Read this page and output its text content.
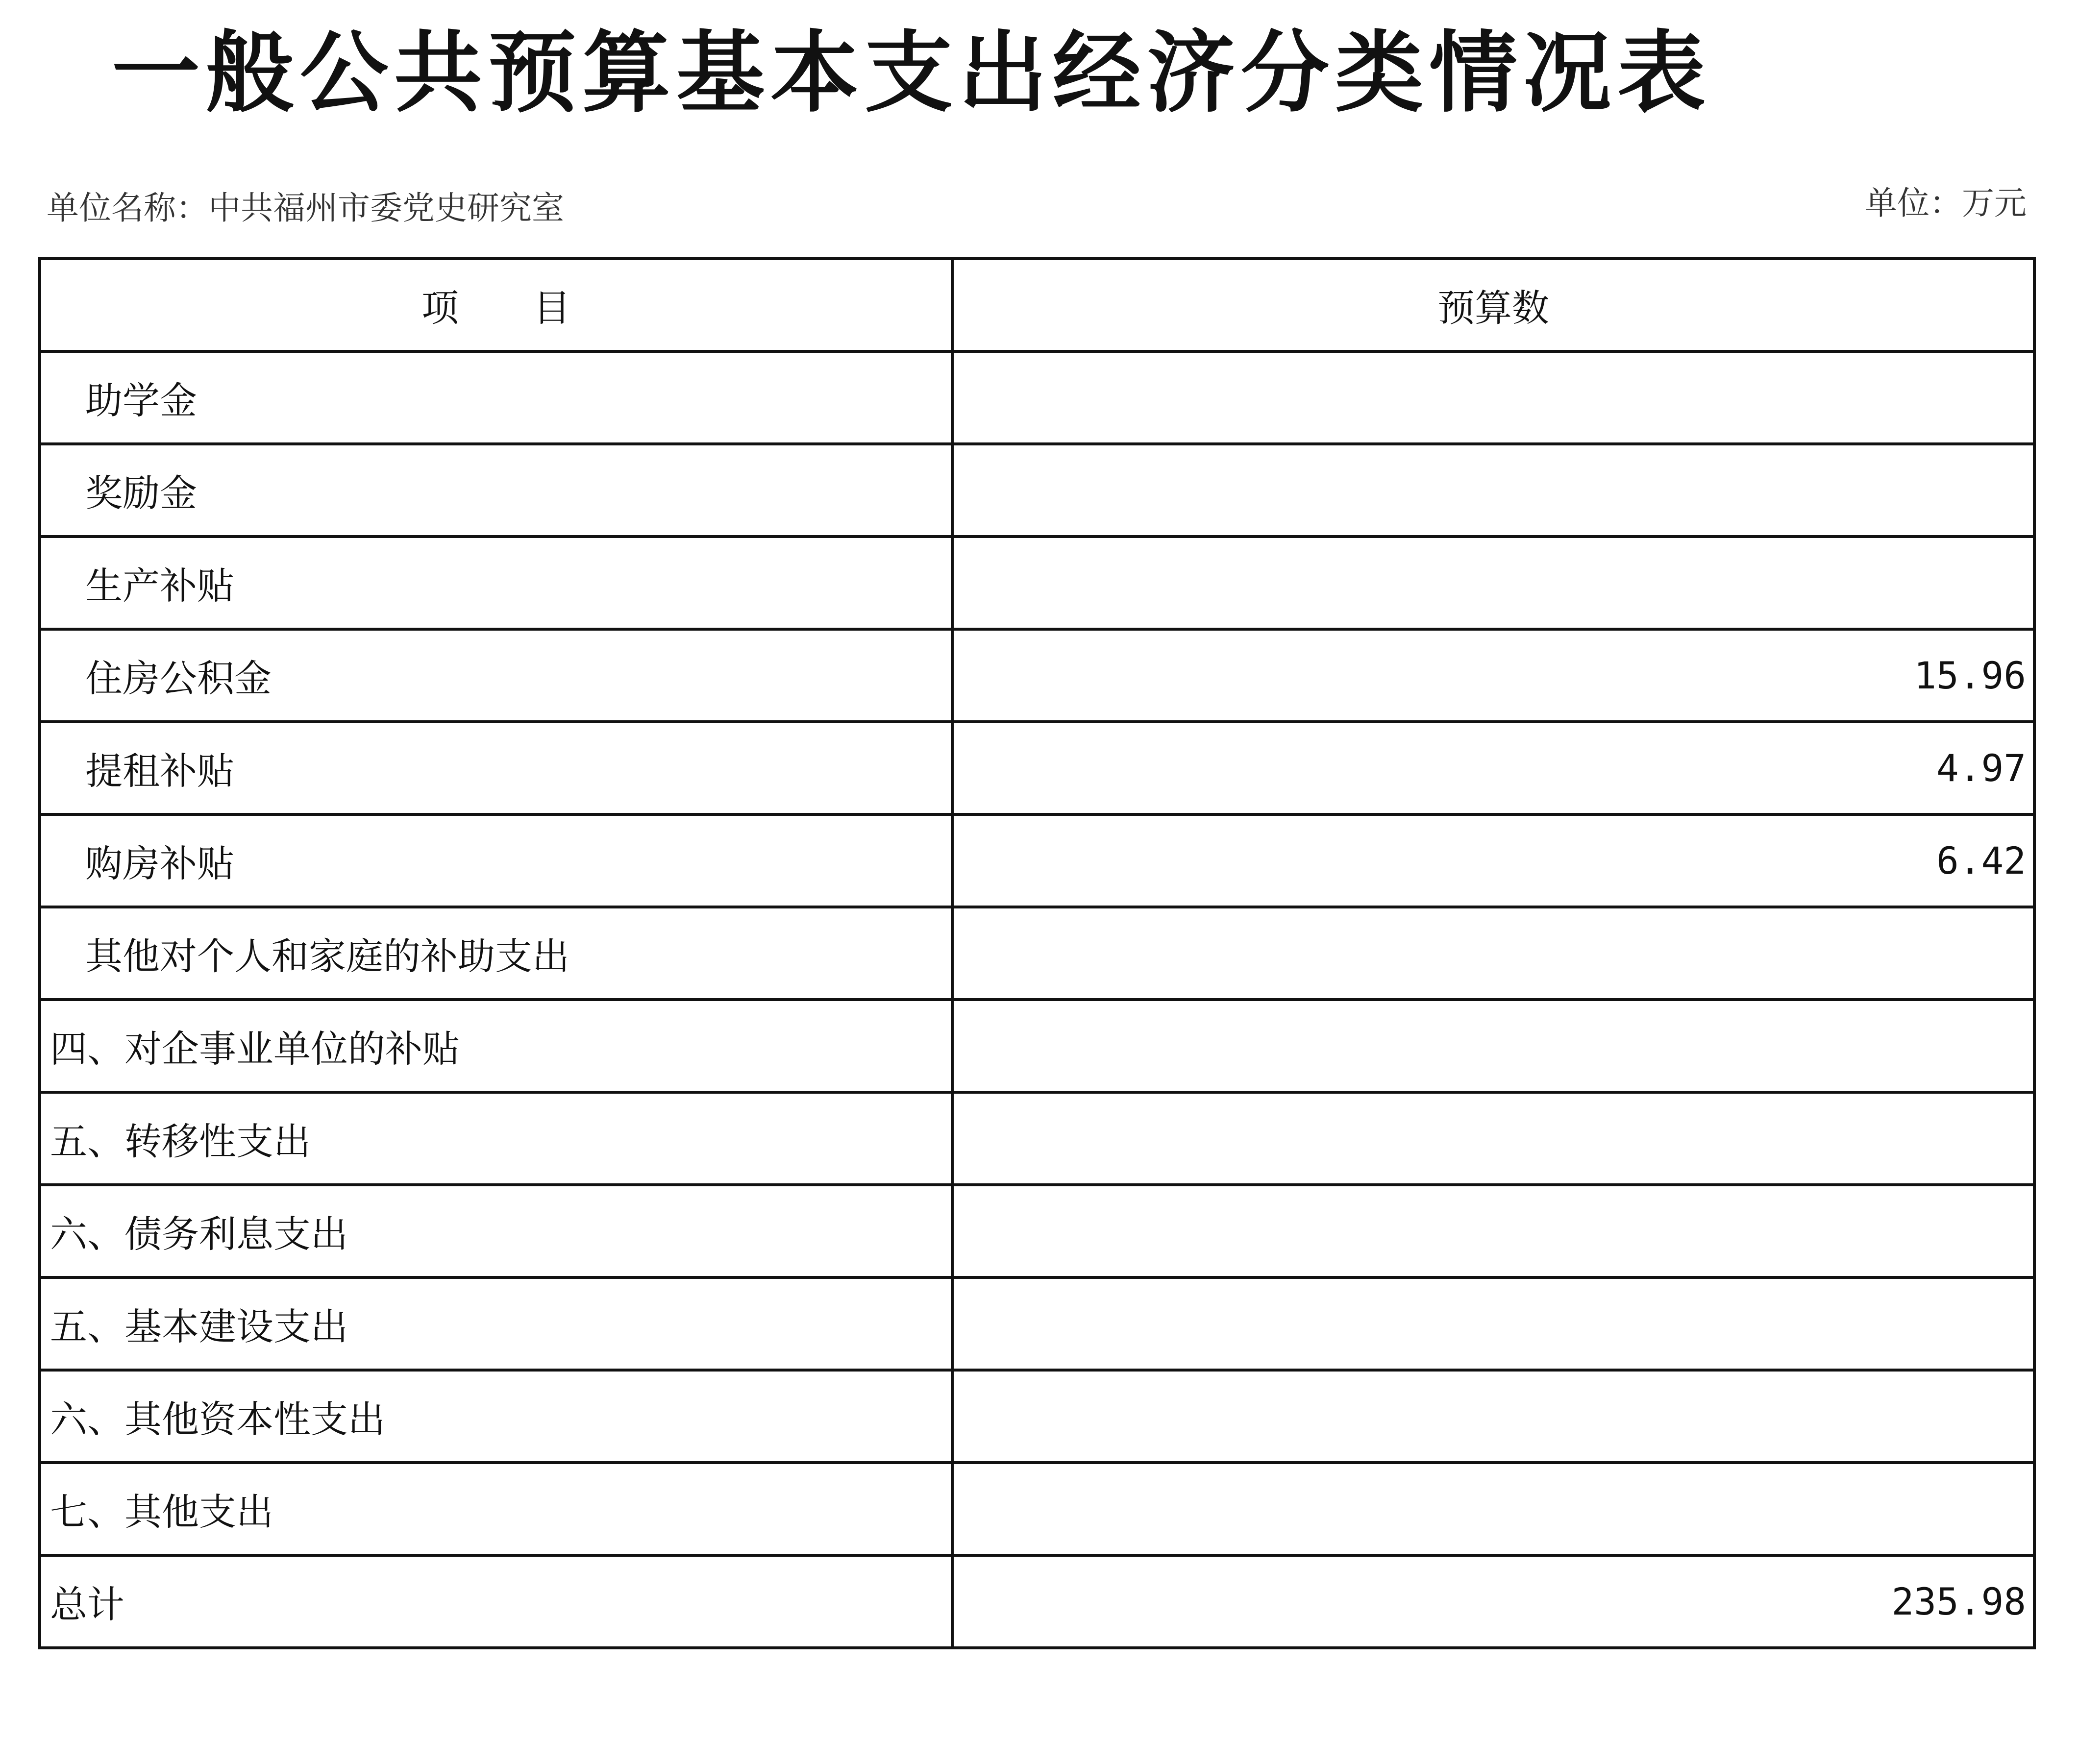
一般公共预算基本支出经济分类情况表
单位名称：中共福州市委党史研究室	单位：万元
项　　目	预算数
助学金	
奖励金	
生产补贴	
住房公积金	15.96
提租补贴	4.97
购房补贴	6.42
其他对个人和家庭的补助支出	
四、对企事业单位的补贴	
五、转移性支出	
六、债务利息支出	
五、基本建设支出	
六、其他资本性支出	
七、其他支出	
总计	235.98
